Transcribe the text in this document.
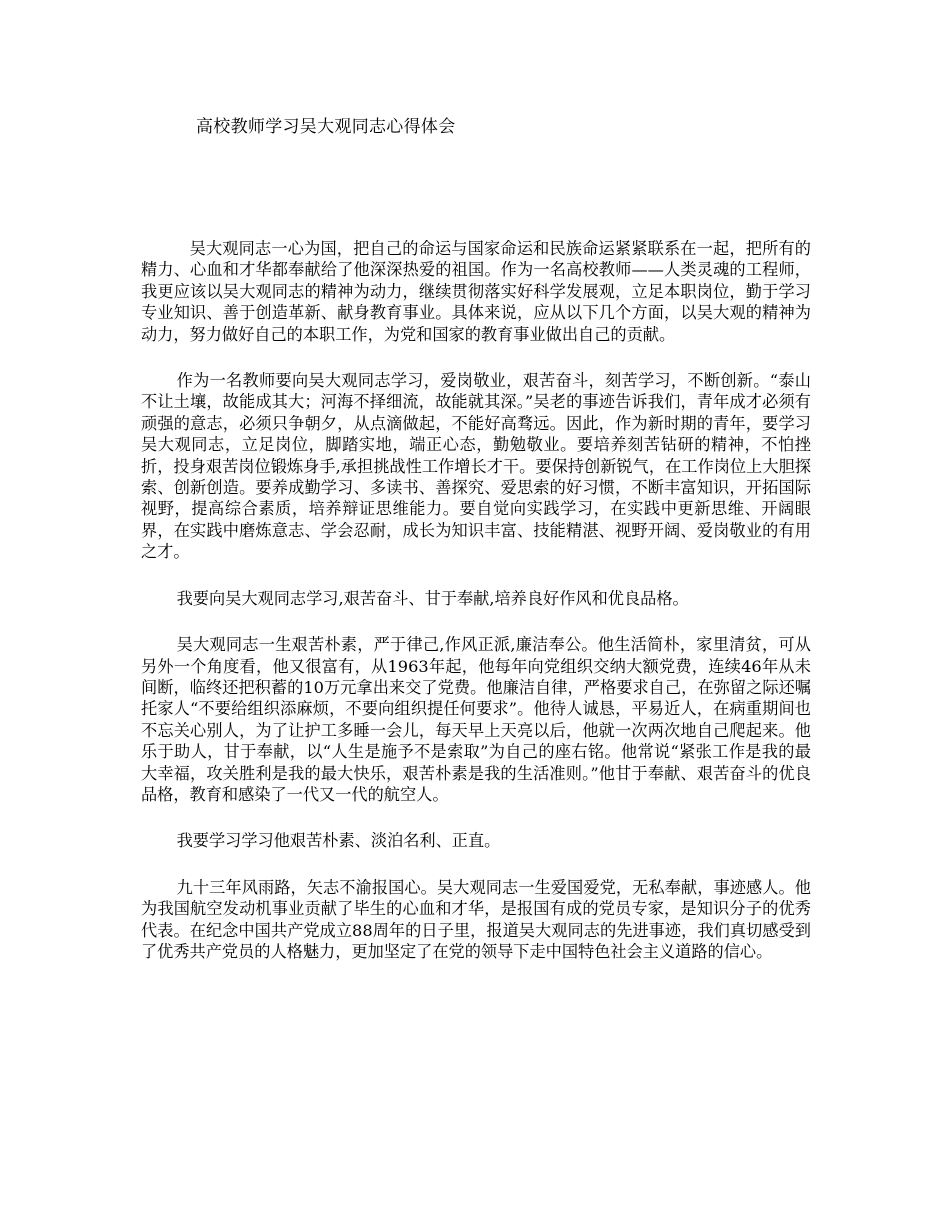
高校教师学习吴大观同志心得体会

吴大观同志一心为国，把自己的命运与国家命运和民族命运紧紧联系在一起，把所有的精力、心血和才华都奉献给了他深深热爱的祖国。作为一名高校教师——人类灵魂的工程师，我更应该以吴大观同志的精神为动力，继续贯彻落实好科学发展观，立足本职岗位，勤于学习专业知识、善于创造革新、献身教育事业。具体来说，应从以下几个方面，以吴大观的精神为动力，努力做好自己的本职工作，为党和国家的教育事业做出自己的贡献。

作为一名教师要向吴大观同志学习，爱岗敬业，艰苦奋斗，刻苦学习，不断创新。“泰山不让土壤，故能成其大；河海不择细流，故能就其深。”吴老的事迹告诉我们，青年成才必须有顽强的意志，必须只争朝夕，从点滴做起，不能好高骛远。因此，作为新时期的青年，要学习吴大观同志，立足岗位，脚踏实地，端正心态，勤勉敬业。要培养刻苦钻研的精神，不怕挫折，投身艰苦岗位锻炼身手,承担挑战性工作增长才干。要保持创新锐气，在工作岗位上大胆探索、创新创造。要养成勤学习、多读书、善探究、爱思索的好习惯，不断丰富知识，开拓国际视野，提高综合素质，培养辩证思维能力。要自觉向实践学习，在实践中更新思维、开阔眼界，在实践中磨炼意志、学会忍耐，成长为知识丰富、技能精湛、视野开阔、爱岗敬业的有用之才。

我要向吴大观同志学习,艰苦奋斗、甘于奉献,培养良好作风和优良品格。

吴大观同志一生艰苦朴素，严于律己,作风正派,廉洁奉公。他生活简朴，家里清贫，可从另外一个角度看，他又很富有，从1963年起，他每年向党组织交纳大额党费，连续46年从未间断，临终还把积蓄的10万元拿出来交了党费。他廉洁自律，严格要求自己，在弥留之际还嘱托家人“不要给组织添麻烦，不要向组织提任何要求”。他待人诚恳，平易近人，在病重期间也不忘关心别人，为了让护工多睡一会儿，每天早上天亮以后，他就一次两次地自己爬起来。他乐于助人，甘于奉献，以“人生是施予不是索取”为自己的座右铭。他常说“紧张工作是我的最大幸福，攻关胜利是我的最大快乐，艰苦朴素是我的生活准则。”他甘于奉献、艰苦奋斗的优良品格，教育和感染了一代又一代的航空人。

我要学习学习他艰苦朴素、淡泊名利、正直。

九十三年风雨路，矢志不渝报国心。吴大观同志一生爱国爱党，无私奉献，事迹感人。他为我国航空发动机事业贡献了毕生的心血和才华，是报国有成的党员专家，是知识分子的优秀代表。在纪念中国共产党成立88周年的日子里，报道吴大观同志的先进事迹，我们真切感受到了优秀共产党员的人格魅力，更加坚定了在党的领导下走中国特色社会主义道路的信心。
